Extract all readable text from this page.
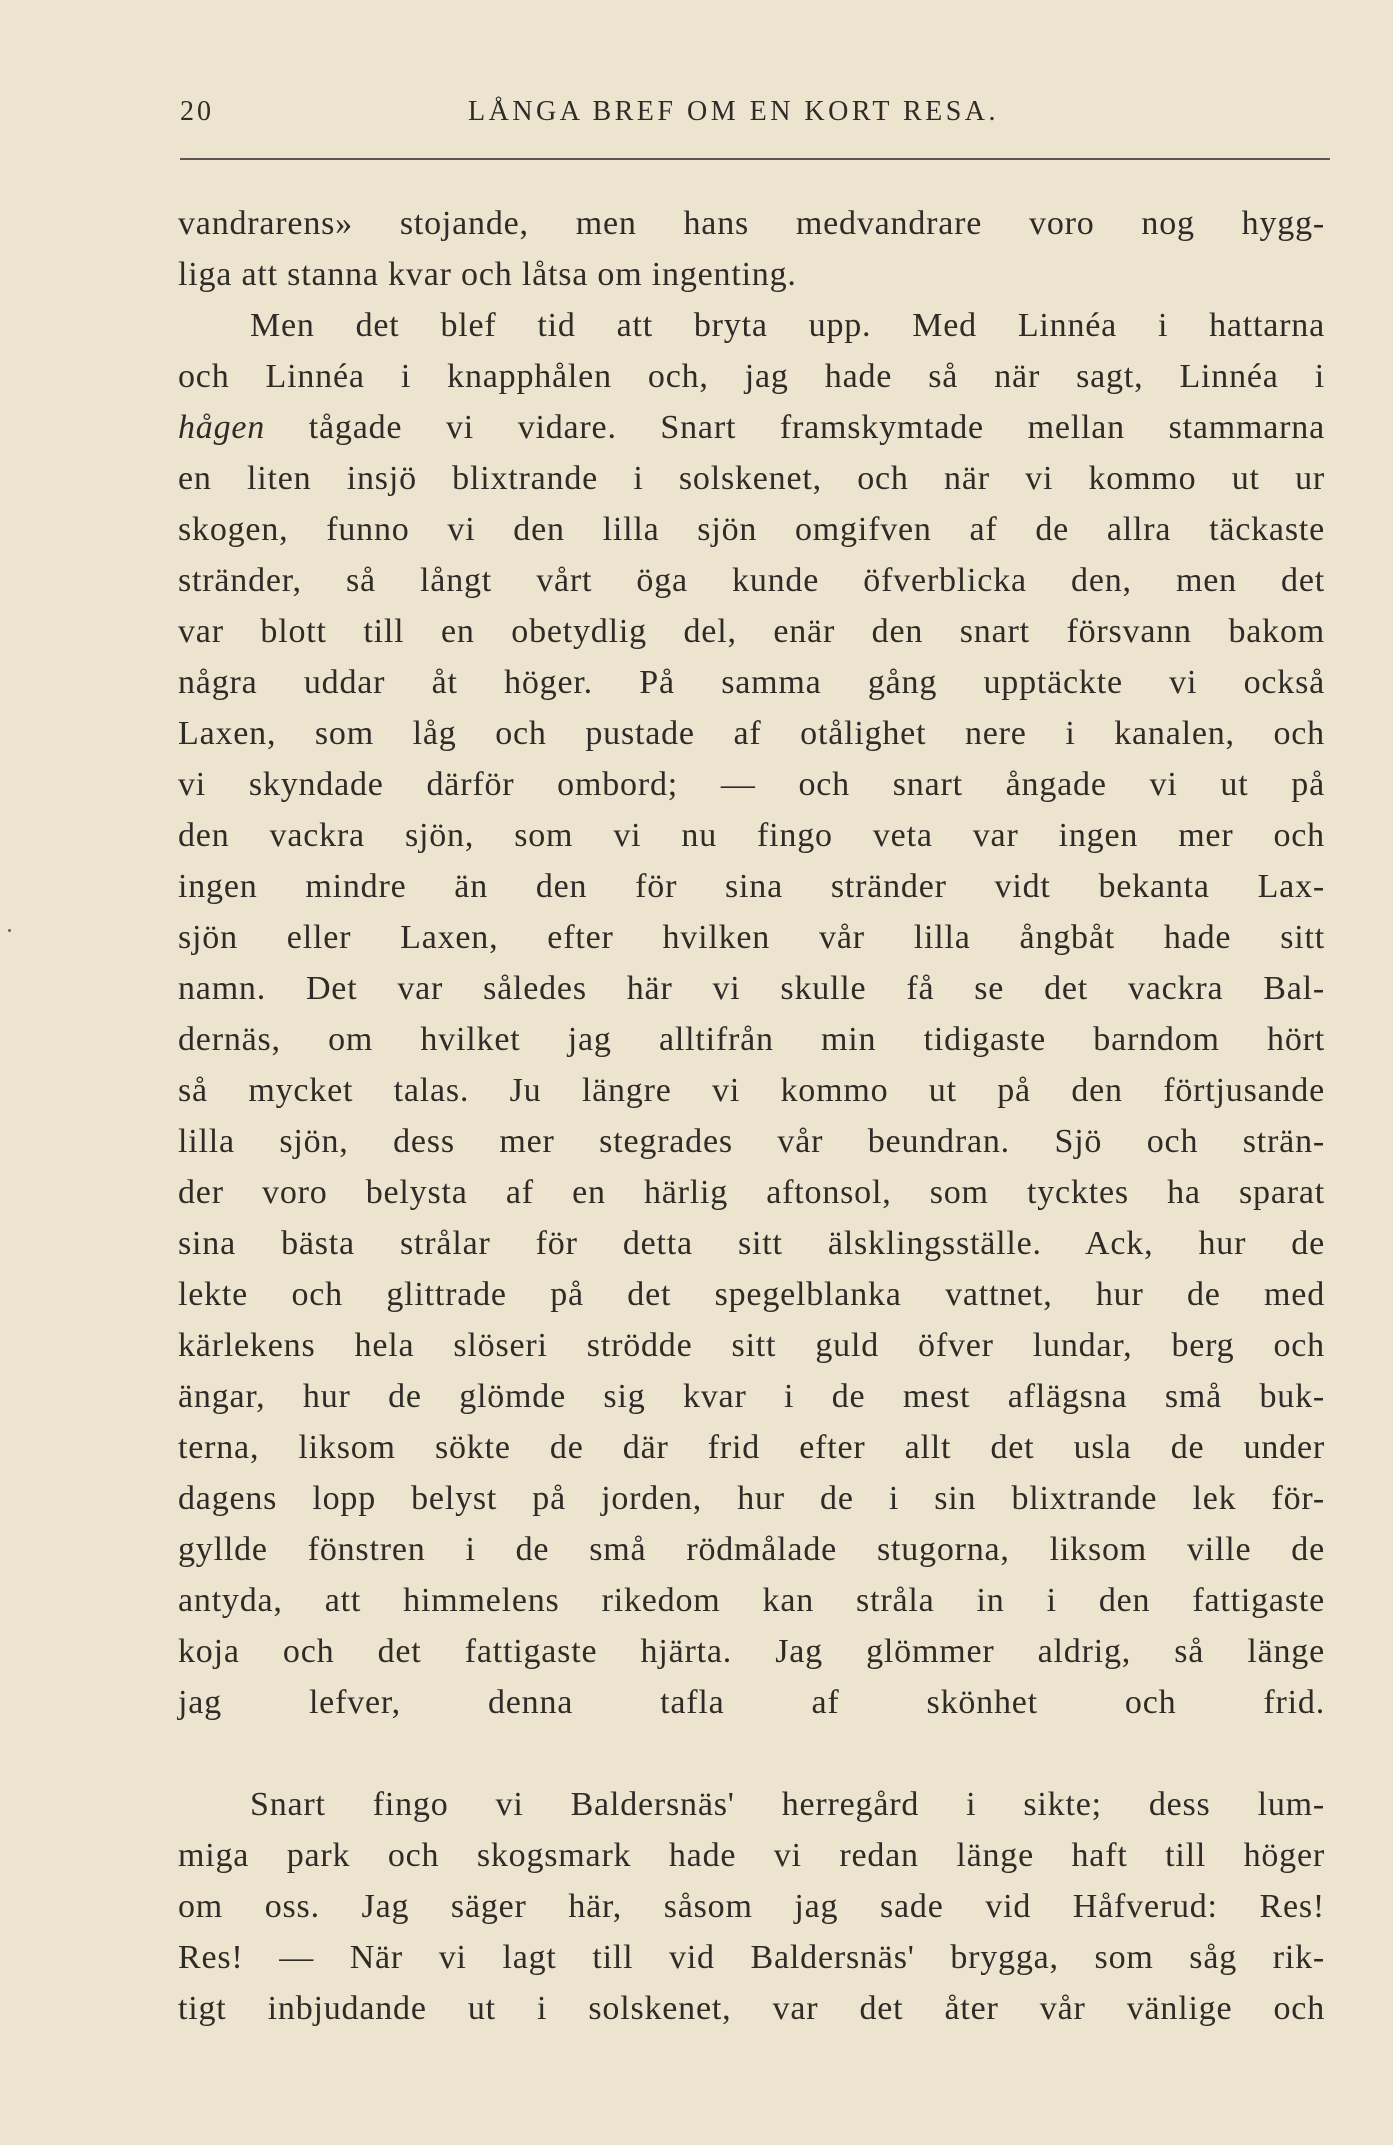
20	LÅNGA BREF OM EN KORT RESA.
vandrarens» stojande, men hans medvandrare voro nog hygg-
liga att stanna kvar och låtsa om ingenting.
Men det blef tid att bryta upp. Med Linnéa i hattarna
och Linnéa i knapphålen och, jag hade så när sagt, Linnéa i
hågen tågade vi vidare. Snart framskymtade mellan stammarna
en liten insjö blixtrande i solskenet, och när vi kommo ut ur
skogen, funno vi den lilla sjön omgifven af de allra täckaste
stränder, så långt vårt öga kunde öfverblicka den, men det
var blott till en obetydlig del, enär den snart försvann bakom
några uddar åt höger. På samma gång upptäckte vi också
Laxen, som låg och pustade af otålighet nere i kanalen, och
vi skyndade därför ombord; — och snart ångade vi ut på
den vackra sjön, som vi nu fingo veta var ingen mer och
ingen mindre än den för sina stränder vidt bekanta Lax-
sjön eller Laxen, efter hvilken vår lilla ångbåt hade sitt
namn. Det var således här vi skulle få se det vackra Bal-
dernäs, om hvilket jag alltifrån min tidigaste barndom hört
så mycket talas. Ju längre vi kommo ut på den förtjusande
lilla sjön, dess mer stegrades vår beundran. Sjö och strän-
der voro belysta af en härlig aftonsol, som tycktes ha sparat
sina bästa strålar för detta sitt älsklingsställe. Ack, hur de
lekte och glittrade på det spegelblanka vattnet, hur de med
kärlekens hela slöseri strödde sitt guld öfver lundar, berg och
ängar, hur de glömde sig kvar i de mest aflägsna små buk-
terna, liksom sökte de där frid efter allt det usla de under
dagens lopp belyst på jorden, hur de i sin blixtrande lek för-
gyllde fönstren i de små rödmålade stugorna, liksom ville de
antyda, att himmelens rikedom kan stråla in i den fattigaste
koja och det fattigaste hjärta. Jag glömmer aldrig, så länge
jag lefver, denna tafla af skönhet och frid.
Snart fingo vi Baldersnäs' herregård i sikte; dess lum-
miga park och skogsmark hade vi redan länge haft till höger
om oss. Jag säger här, såsom jag sade vid Håfverud: Res!
Res! — När vi lagt till vid Baldersnäs' brygga, som såg rik-
tigt inbjudande ut i solskenet, var det åter vår vänlige och
